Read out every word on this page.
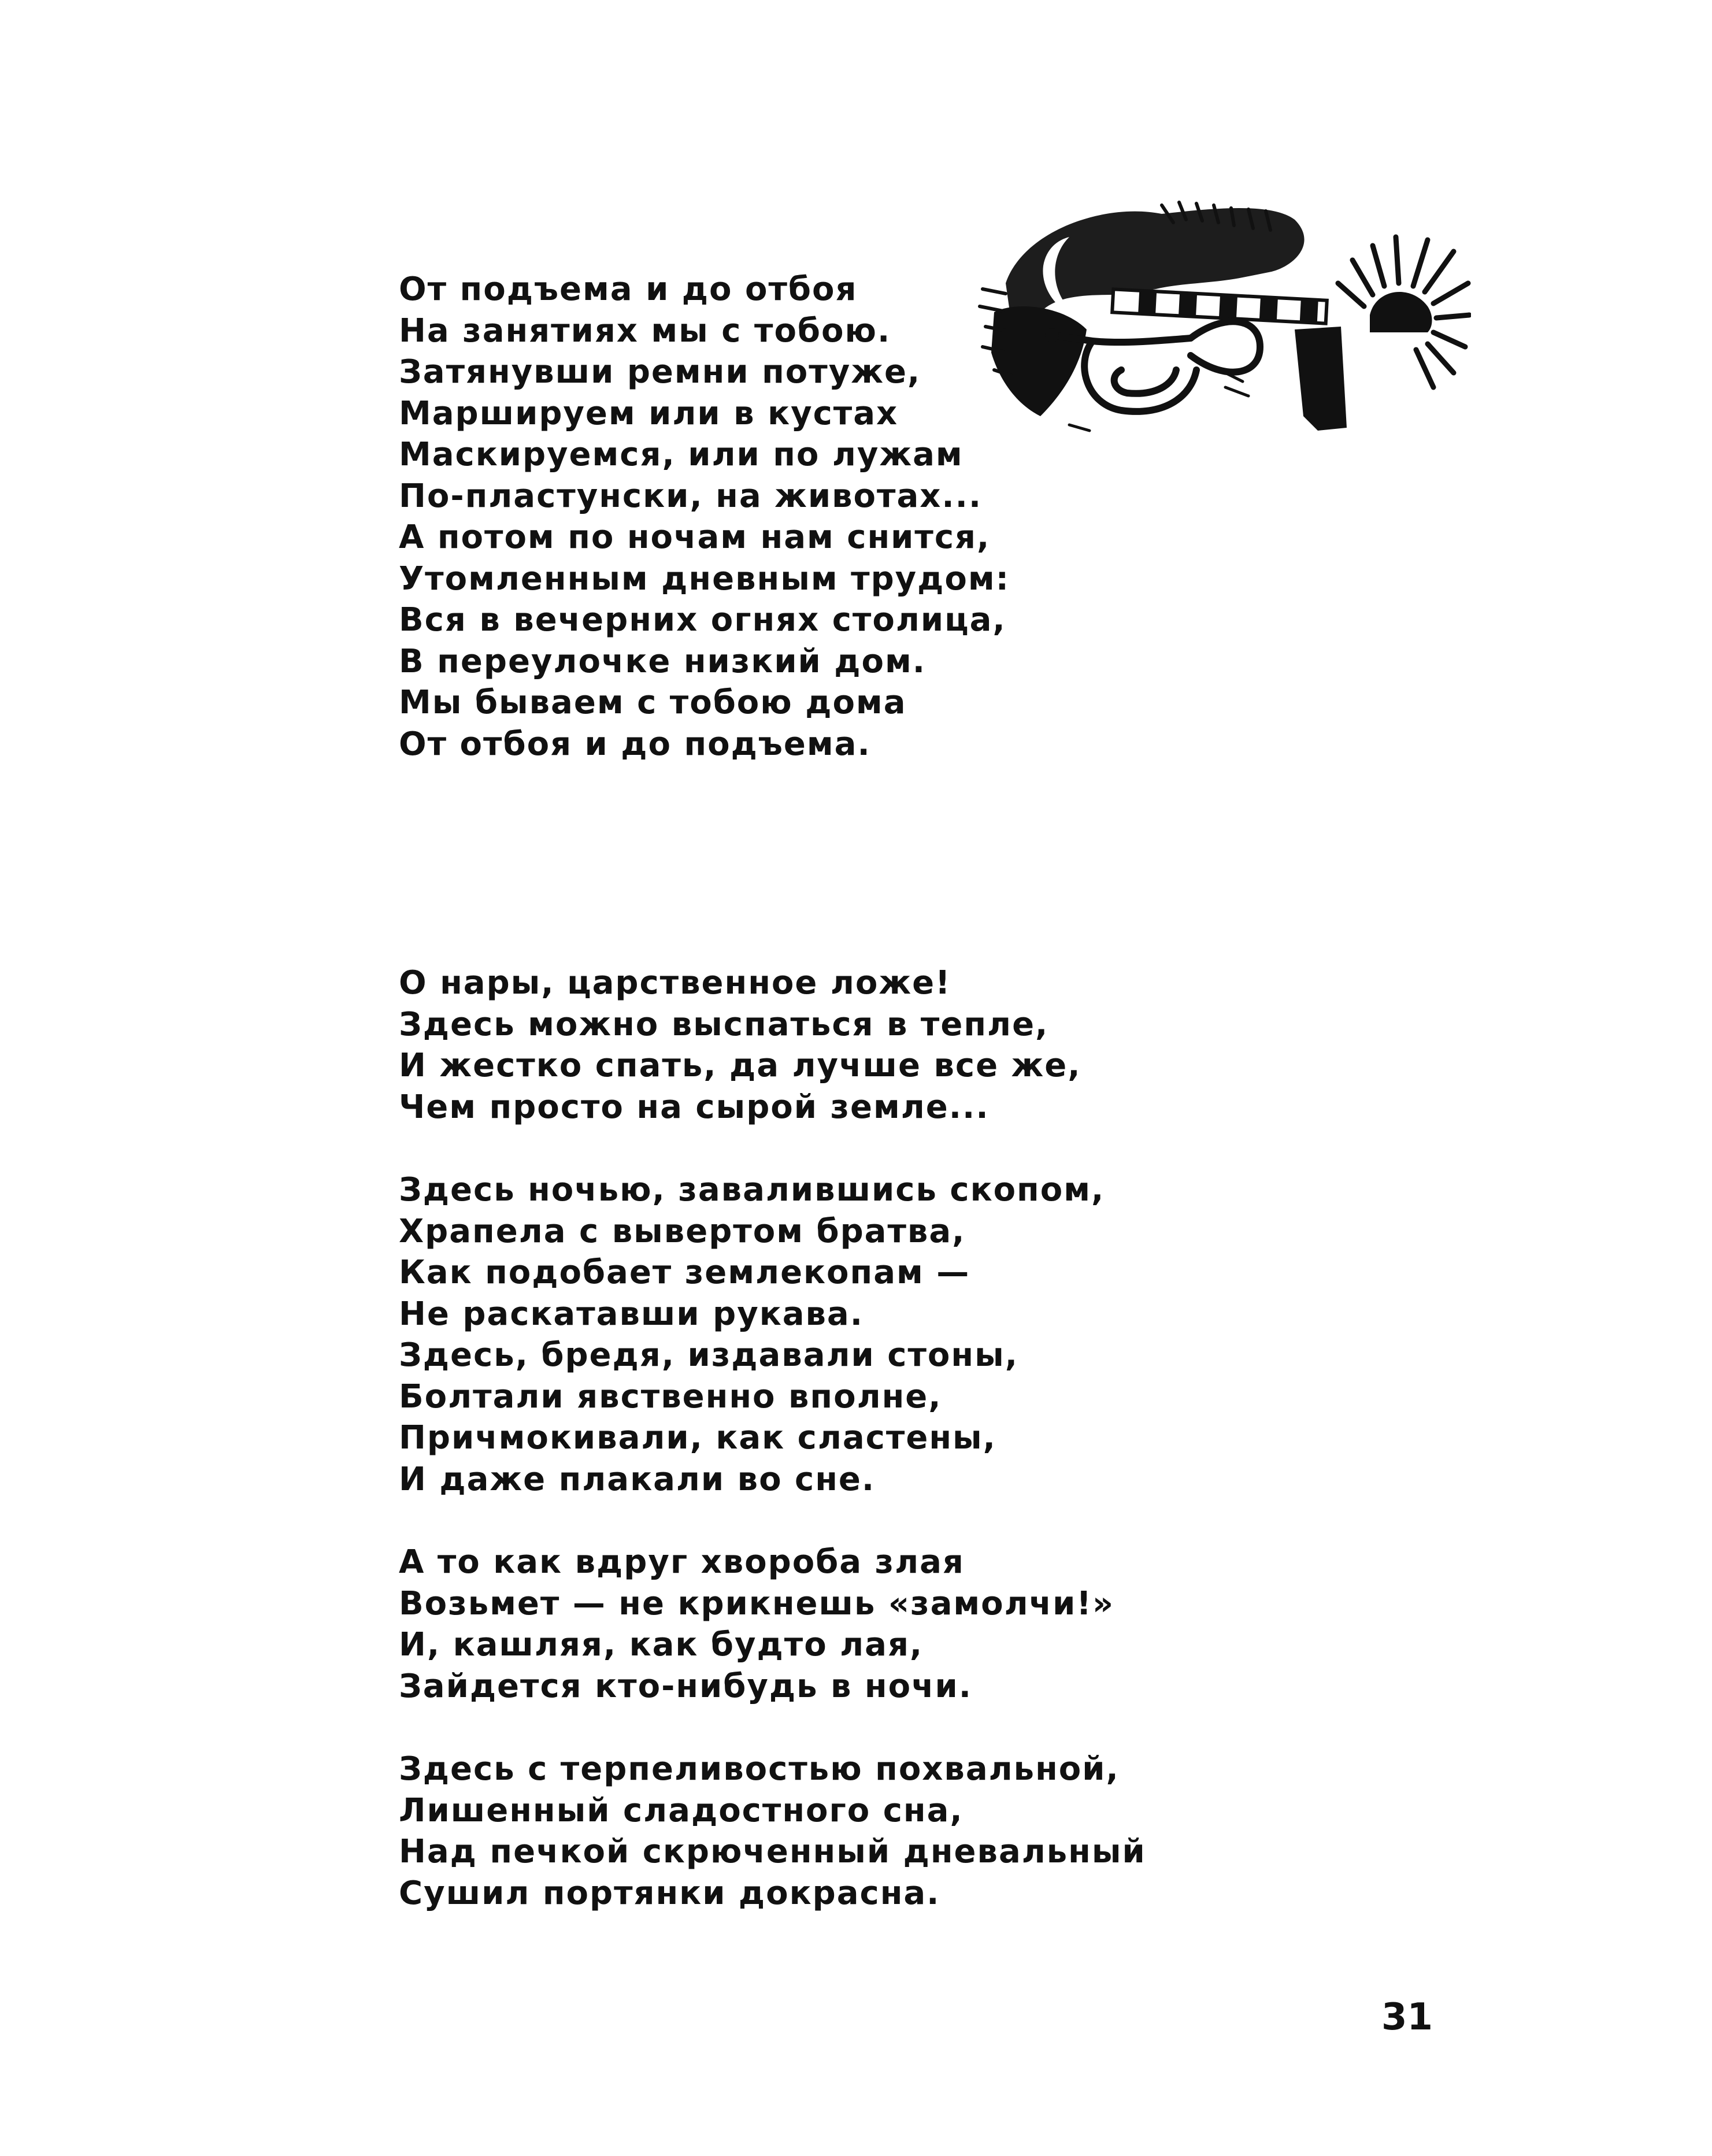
От подъема и до отбоя
На занятиях мы с тобою.
Затянувши ремни потуже,
Маршируем или в кустах
Маскируемся, или по лужам
По-пластунски, на животах...
А потом по ночам нам снится,
Утомленным дневным трудом:
Вся в вечерних огнях столица,
В переулочке низкий дом.
Мы бываем с тобою дома
От отбоя и до подъема.
О нары, царственное ложе!
Здесь можно выспаться в тепле,
И жестко спать, да лучше все же,
Чем просто на сырой земле...
Здесь ночью, завалившись скопом,
Храпела с вывертом братва,
Как подобает землекопам —
Не раскатавши рукава.
Здесь, бредя, издавали стоны,
Болтали явственно вполне,
Причмокивали, как сластены,
И даже плакали во сне.
А то как вдруг хвороба злая
Возьмет — не крикнешь «замолчи!»
И, кашляя, как будто лая,
Зайдется кто-нибудь в ночи.
Здесь с терпеливостью похвальной,
Лишенный сладостного сна,
Над печкой скрюченный дневальный
Сушил портянки докрасна.
31
